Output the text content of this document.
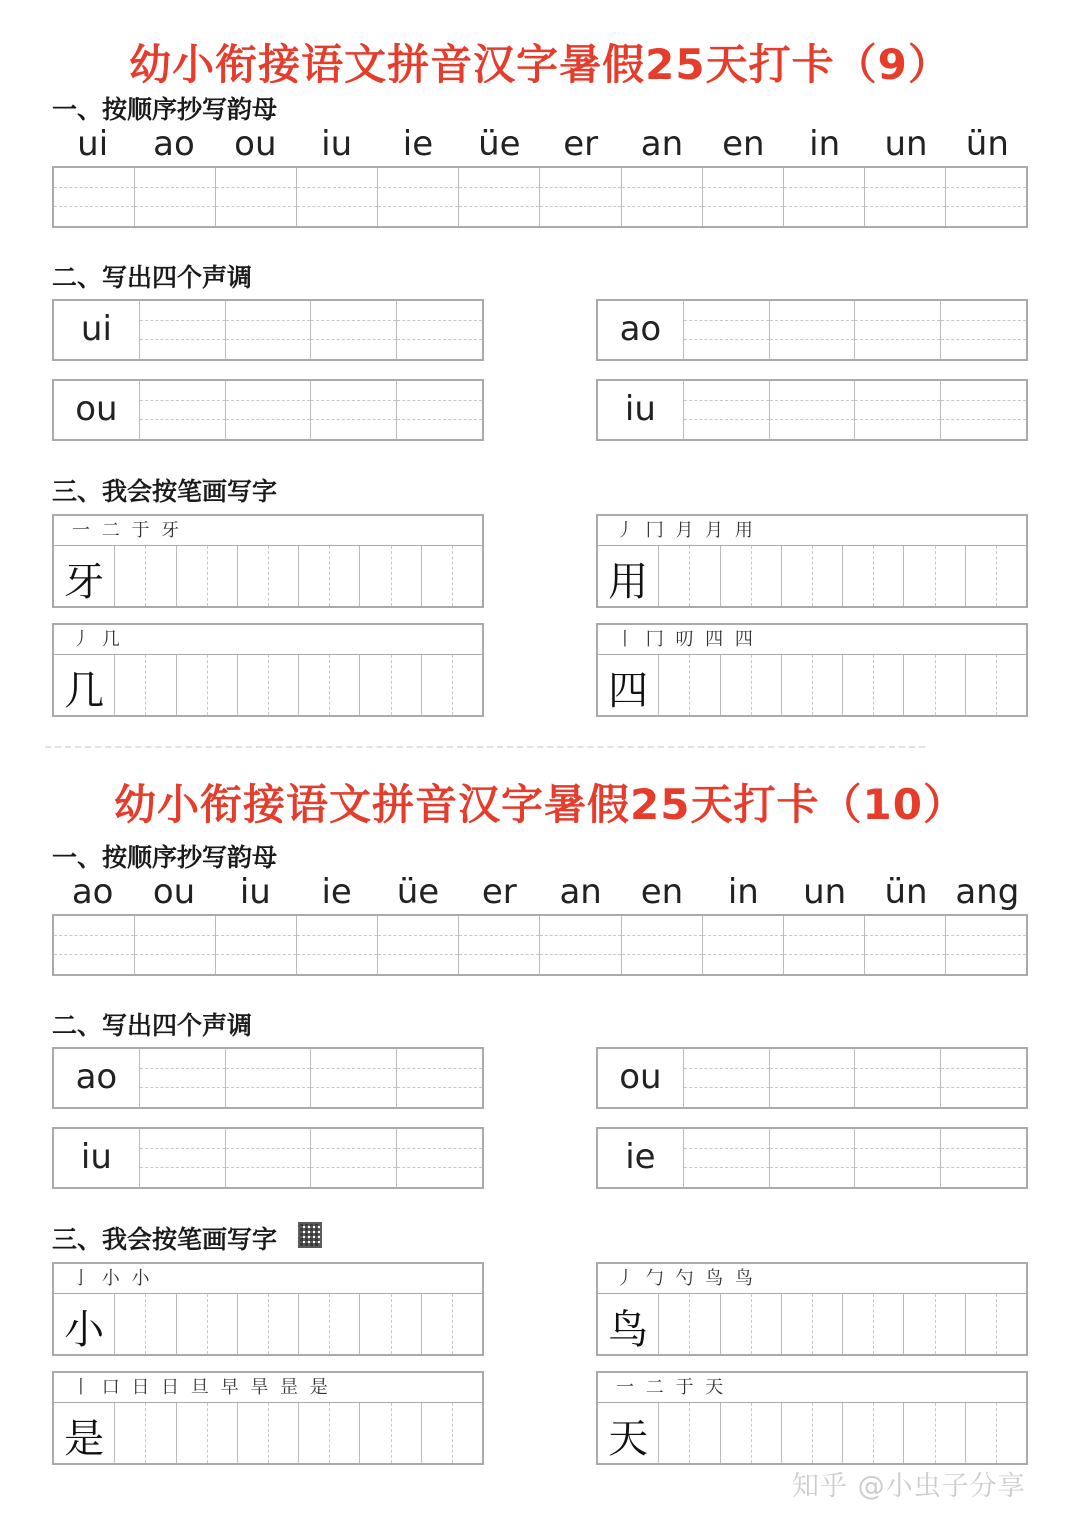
幼小衔接语文拼音汉字暑假25天打卡（9）
一、按顺序抄写韵母
ui	ao	ou	iu	ie	üe	er	an	en	in	un	ün
二、写出四个声调
ui	ao
ou	iu
三、我会按笔画写字
一 二 于 牙
牙
丿 冂 月 月 用
用
丿 几
几
丨 冂 叨 四 四
四
幼小衔接语文拼音汉字暑假25天打卡（10）
一、按顺序抄写韵母
ao	ou	iu	ie	üe	er	an	en	in	un	ün ang
二、写出四个声调
ao	ou
iu	ie
三、我会按笔画写字
亅 小 小
小
丿 勹 勺 鸟 鸟
鸟
丨 口 日 日 旦 早 旱 昰 是
是
一 二 于 天
天
知乎 @小虫子分享
